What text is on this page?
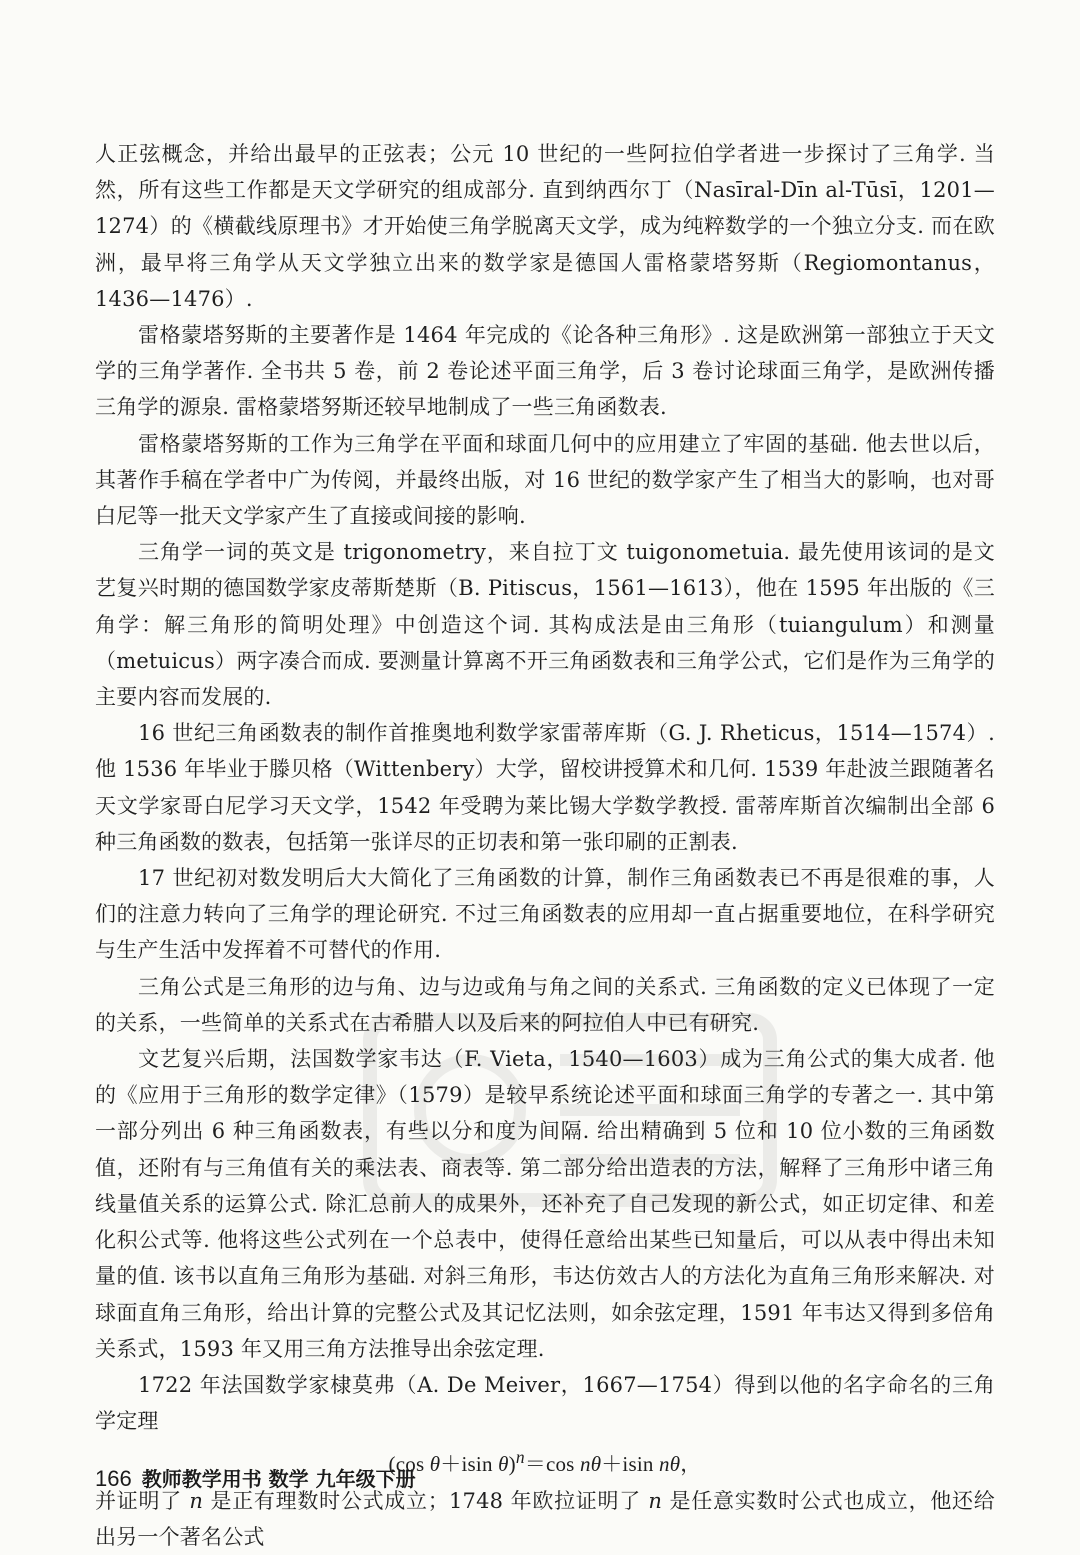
人正弦概念，并给出最早的正弦表；公元 10 世纪的一些阿拉伯学者进一步探讨了三角学. 当然，所有这些工作都是天文学研究的组成部分. 直到纳西尔丁（Nasīral-Dīn al-Tūsī，1201—1274）的《横截线原理书》才开始使三角学脱离天文学，成为纯粹数学的一个独立分支. 而在欧洲，最早将三角学从天文学独立出来的数学家是德国人雷格蒙塔努斯（Regiomontanus，1436—1476）.

雷格蒙塔努斯的主要著作是 1464 年完成的《论各种三角形》. 这是欧洲第一部独立于天文学的三角学著作. 全书共 5 卷，前 2 卷论述平面三角学，后 3 卷讨论球面三角学，是欧洲传播三角学的源泉. 雷格蒙塔努斯还较早地制成了一些三角函数表.

雷格蒙塔努斯的工作为三角学在平面和球面几何中的应用建立了牢固的基础. 他去世以后，其著作手稿在学者中广为传阅，并最终出版，对 16 世纪的数学家产生了相当大的影响，也对哥白尼等一批天文学家产生了直接或间接的影响.

三角学一词的英文是 trigonometry，来自拉丁文 tuigonometuia. 最先使用该词的是文艺复兴时期的德国数学家皮蒂斯楚斯（B. Pitiscus，1561—1613），他在 1595 年出版的《三角学：解三角形的简明处理》中创造这个词. 其构成法是由三角形（tuiangulum）和测量（metuicus）两字凑合而成. 要测量计算离不开三角函数表和三角学公式，它们是作为三角学的主要内容而发展的.

16 世纪三角函数表的制作首推奥地利数学家雷蒂库斯（G. J. Rheticus，1514—1574）. 他 1536 年毕业于滕贝格（Wittenbery）大学，留校讲授算术和几何. 1539 年赴波兰跟随著名天文学家哥白尼学习天文学，1542 年受聘为莱比锡大学数学教授. 雷蒂库斯首次编制出全部 6 种三角函数的数表，包括第一张详尽的正切表和第一张印刷的正割表.

17 世纪初对数发明后大大简化了三角函数的计算，制作三角函数表已不再是很难的事，人们的注意力转向了三角学的理论研究. 不过三角函数表的应用却一直占据重要地位，在科学研究与生产生活中发挥着不可替代的作用.

三角公式是三角形的边与角、边与边或角与角之间的关系式. 三角函数的定义已体现了一定的关系，一些简单的关系式在古希腊人以及后来的阿拉伯人中已有研究.

文艺复兴后期，法国数学家韦达（F. Vieta，1540—1603）成为三角公式的集大成者. 他的《应用于三角形的数学定律》（1579）是较早系统论述平面和球面三角学的专著之一. 其中第一部分列出 6 种三角函数表，有些以分和度为间隔. 给出精确到 5 位和 10 位小数的三角函数值，还附有与三角值有关的乘法表、商表等. 第二部分给出造表的方法，解释了三角形中诸三角线量值关系的运算公式. 除汇总前人的成果外，还补充了自己发现的新公式，如正切定律、和差化积公式等. 他将这些公式列在一个总表中，使得任意给出某些已知量后，可以从表中得出未知量的值. 该书以直角三角形为基础. 对斜三角形，韦达仿效古人的方法化为直角三角形来解决. 对球面直角三角形，给出计算的完整公式及其记忆法则，如余弦定理，1591 年韦达又得到多倍角关系式，1593 年又用三角方法推导出余弦定理.

1722 年法国数学家棣莫弗（A. De Meiver，1667—1754）得到以他的名字命名的三角学定理

(cos θ＋isin θ)$^n$＝cos nθ＋isin nθ，

并证明了 n 是正有理数时公式成立；1748 年欧拉证明了 n 是任意实数时公式也成立，他还给出另一个著名公式

166 教师教学用书 数学 九年级下册
